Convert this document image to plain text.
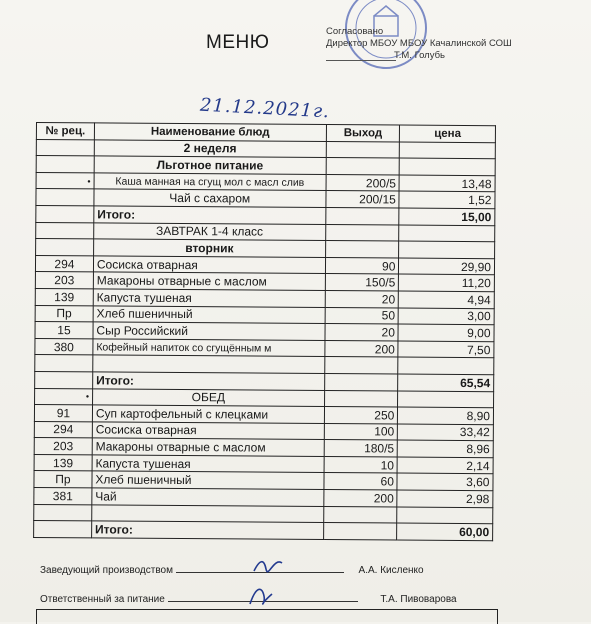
МЕНЮ
Согласовано
Директор МБОУ МБОУ Качалинской СОШ
Т.М. Голубь
21.12.2021г.
№ рец.	Наименование блюд	Выход	цена
	2 неделя		
	Льготное питание		
•	Каша манная на сгущ мол с масл слив	200/5	13,48
	Чай с сахаром	200/15	1,52
	Итого:		15,00
	ЗАВТРАК 1-4 класс		
	вторник		
294	Сосиска отварная	90	29,90
203	Макароны отварные с маслом	150/5	11,20
139	Капуста тушеная	20	4,94
Пр	Хлеб пшеничный	50	3,00
15	Сыр Российский	20	9,00
380	Кофейный напиток со сгущённым м	200	7,50

	Итого:		65,54
•	ОБЕД		
91	Суп картофельный с клецками	250	8,90
294	Сосиска отварная	100	33,42
203	Макароны отварные с маслом	180/5	8,96
139	Капуста тушеная	10	2,14
Пр	Хлеб пшеничный	60	3,60
381	Чай	200	2,98

	Итого:		60,00
Заведующий производством	А.А. Кисленко
Ответственный за питание	Т.А. Пивоварова
